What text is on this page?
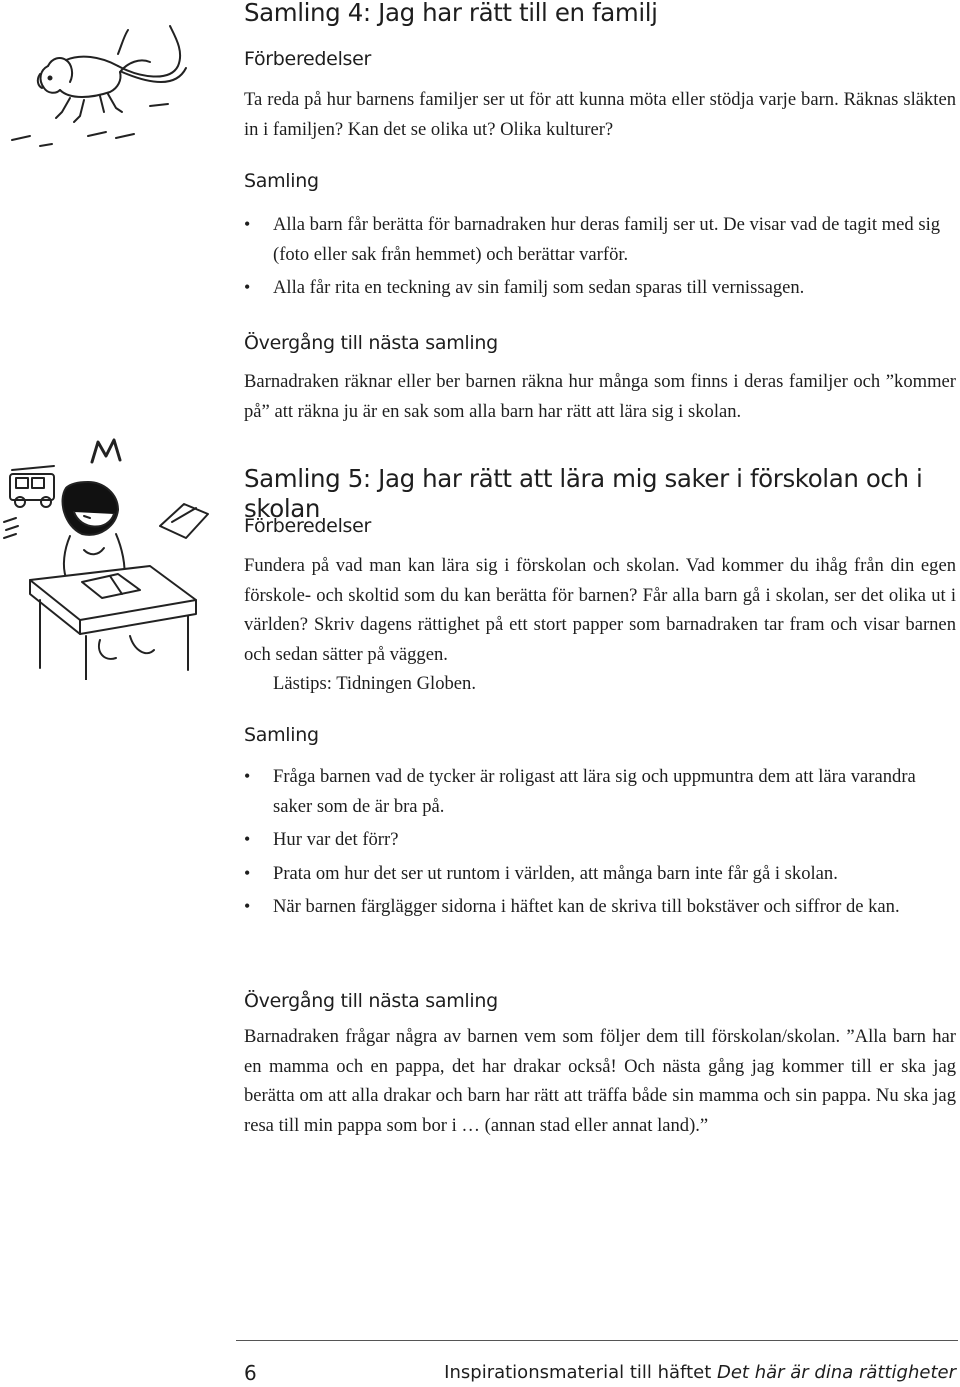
Samling 4: Jag har rätt till en familj
Förberedelser

Ta reda på hur barnens familjer ser ut för att kunna möta eller stödja varje barn. Räknas släkten in i familjen? Kan det se olika ut? Olika kulturer?

Samling
• Alla barn får berätta för barnadraken hur deras familj ser ut. De visar vad de tagit med sig (foto eller sak från hemmet) och berättar varför.
• Alla får rita en teckning av sin familj som sedan sparas till vernissagen.
Övergång till nästa samling

Barnadraken räknar eller ber barnen räkna hur många som finns i deras familjer och ”kommer på” att räkna ju är en sak som alla barn har rätt att lära sig i skolan.

Samling 5: Jag har rätt att lära mig saker i förskolan och i skolan
Förberedelser

Fundera på vad man kan lära sig i förskolan och skolan. Vad kommer du ihåg från din egen förskole- och skoltid som du kan berätta för barnen? Får alla barn gå i skolan, ser det olika ut i världen? Skriv dagens rättighet på ett stort papper som barnadraken tar fram och visar barnen och sedan sätter på väggen.

Lästips: Tidningen Globen.

Samling
• Fråga barnen vad de tycker är roligast att lära sig och uppmuntra dem att lära varandra saker som de är bra på.
• Hur var det förr?
• Prata om hur det ser ut runtom i världen, att många barn inte får gå i skolan.
• När barnen färglägger sidorna i häftet kan de skriva till bokstäver och siffror de kan.
Övergång till nästa samling

Barnadraken frågar några av barnen vem som följer dem till förskolan/skolan. ”Alla barn har en mamma och en pappa, det har drakar också! Och nästa gång jag kommer till er ska jag berätta om att alla drakar och barn har rätt att träffa både sin mamma och sin pappa. Nu ska jag resa till min pappa som bor i … (annan stad eller annat land).”

6	Inspirationsmaterial till häftet Det här är dina rättigheter
